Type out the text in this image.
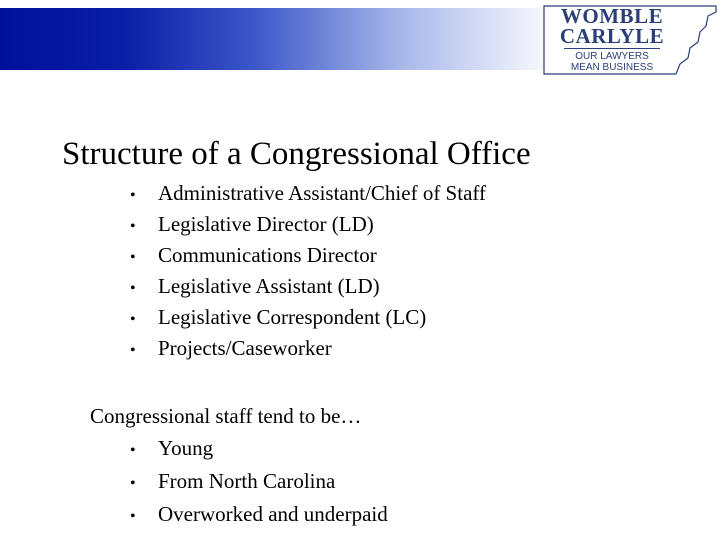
WOMBLE
CARLYLE
OUR LAWYERS
MEAN BUSINESS
Structure of a Congressional Office
•	Administrative Assistant/Chief of Staff
•	Legislative Director (LD)
•	Communications Director
•	Legislative Assistant (LD)
•	Legislative Correspondent (LC)
•	Projects/Caseworker
Congressional staff tend to be…
•	Young
•	From North Carolina
•	Overworked and underpaid
